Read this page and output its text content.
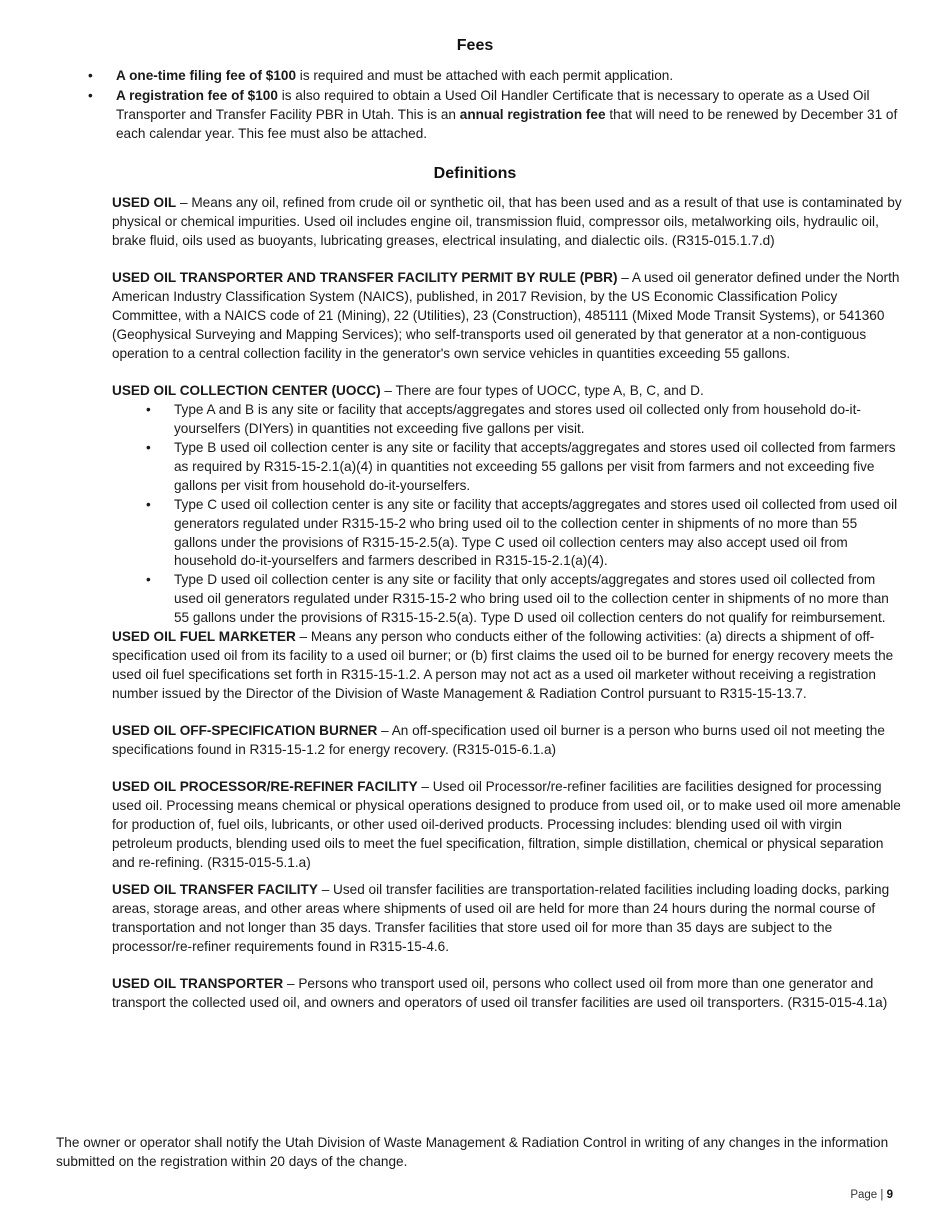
Fees
• A one-time filing fee of $100 is required and must be attached with each permit application.
• A registration fee of $100 is also required to obtain a Used Oil Handler Certificate that is necessary to operate as a Used Oil Transporter and Transfer Facility PBR in Utah. This is an annual registration fee that will need to be renewed by December 31 of each calendar year. This fee must also be attached.
Definitions

USED OIL – Means any oil, refined from crude oil or synthetic oil, that has been used and as a result of that use is contaminated by physical or chemical impurities. Used oil includes engine oil, transmission fluid, compressor oils, metalworking oils, hydraulic oil, brake fluid, oils used as buoyants, lubricating greases, electrical insulating, and dialectic oils. (R315-015.1.7.d)

USED OIL TRANSPORTER AND TRANSFER FACILITY PERMIT BY RULE (PBR) – A used oil generator defined under the North American Industry Classification System (NAICS), published, in 2017 Revision, by the US Economic Classification Policy Committee, with a NAICS code of 21 (Mining), 22 (Utilities), 23 (Construction), 485111 (Mixed Mode Transit Systems), or 541360 (Geophysical Surveying and Mapping Services); who self-transports used oil generated by that generator at a non-contiguous operation to a central collection facility in the generator's own service vehicles in quantities exceeding 55 gallons.

USED OIL COLLECTION CENTER (UOCC) – There are four types of UOCC, type A, B, C, and D.

• Type A and B is any site or facility that accepts/aggregates and stores used oil collected only from household do-it-yourselfers (DIYers) in quantities not exceeding five gallons per visit.
• Type B used oil collection center is any site or facility that accepts/aggregates and stores used oil collected from farmers as required by R315-15-2.1(a)(4) in quantities not exceeding 55 gallons per visit from farmers and not exceeding five gallons per visit from household do-it-yourselfers.
• Type C used oil collection center is any site or facility that accepts/aggregates and stores used oil collected from used oil generators regulated under R315-15-2 who bring used oil to the collection center in shipments of no more than 55 gallons under the provisions of R315-15-2.5(a). Type C used oil collection centers may also accept used oil from household do-it-yourselfers and farmers described in R315-15-2.1(a)(4).
• Type D used oil collection center is any site or facility that only accepts/aggregates and stores used oil collected from used oil generators regulated under R315-15-2 who bring used oil to the collection center in shipments of no more than 55 gallons under the provisions of R315-15-2.5(a). Type D used oil collection centers do not qualify for reimbursement.

USED OIL FUEL MARKETER – Means any person who conducts either of the following activities: (a) directs a shipment of off-specification used oil from its facility to a used oil burner; or (b) first claims the used oil to be burned for energy recovery meets the used oil fuel specifications set forth in R315-15-1.2. A person may not act as a used oil marketer without receiving a registration number issued by the Director of the Division of Waste Management & Radiation Control pursuant to R315-15-13.7.

USED OIL OFF-SPECIFICATION BURNER – An off-specification used oil burner is a person who burns used oil not meeting the specifications found in R315-15-1.2 for energy recovery. (R315-015-6.1.a)

USED OIL PROCESSOR/RE-REFINER FACILITY – Used oil Processor/re-refiner facilities are facilities designed for processing used oil. Processing means chemical or physical operations designed to produce from used oil, or to make used oil more amenable for production of, fuel oils, lubricants, or other used oil-derived products. Processing includes: blending used oil with virgin petroleum products, blending used oils to meet the fuel specification, filtration, simple distillation, chemical or physical separation and re-refining. (R315-015-5.1.a)

USED OIL TRANSFER FACILITY – Used oil transfer facilities are transportation-related facilities including loading docks, parking areas, storage areas, and other areas where shipments of used oil are held for more than 24 hours during the normal course of transportation and not longer than 35 days. Transfer facilities that store used oil for more than 35 days are subject to the processor/re-refiner requirements found in R315-15-4.6.

USED OIL TRANSPORTER – Persons who transport used oil, persons who collect used oil from more than one generator and transport the collected used oil, and owners and operators of used oil transfer facilities are used oil transporters. (R315-015-4.1a)

The owner or operator shall notify the Utah Division of Waste Management & Radiation Control in writing of any changes in the information submitted on the registration within 20 days of the change.

Page | 9
